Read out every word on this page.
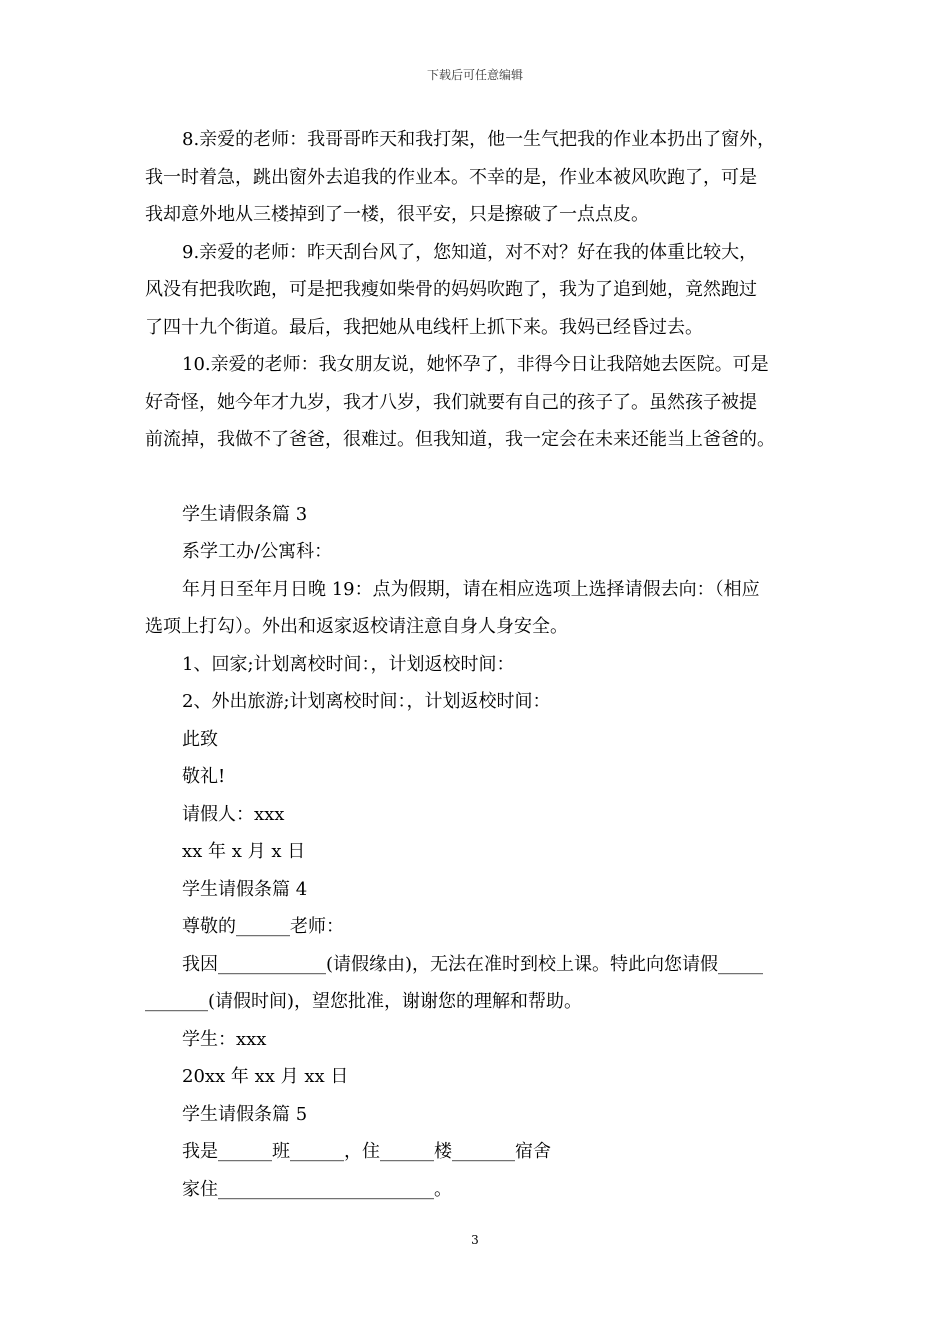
下载后可任意编辑

8.亲爱的老师：我哥哥昨天和我打架，他一生气把我的作业本扔出了窗外，

我一时着急，跳出窗外去追我的作业本。不幸的是，作业本被风吹跑了，可是

我却意外地从三楼掉到了一楼，很平安，只是擦破了一点点皮。

9.亲爱的老师：昨天刮台风了，您知道，对不对？好在我的体重比较大，

风没有把我吹跑，可是把我瘦如柴骨的妈妈吹跑了，我为了追到她，竟然跑过

了四十九个街道。最后，我把她从电线杆上抓下来。我妈已经昏过去。

10.亲爱的老师：我女朋友说，她怀孕了，非得今日让我陪她去医院。可是

好奇怪，她今年才九岁，我才八岁，我们就要有自己的孩子了。虽然孩子被提

前流掉，我做不了爸爸，很难过。但我知道，我一定会在未来还能当上爸爸的。

学生请假条篇 3

系学工办/公寓科：

年月日至年月日晚 19：点为假期，请在相应选项上选择请假去向：（相应

选项上打勾）。外出和返家返校请注意自身人身安全。

1、回家;计划离校时间：，计划返校时间：

2、外出旅游;计划离校时间：，计划返校时间：

此致

敬礼!

请假人：xxx

xx 年 x 月 x 日

学生请假条篇 4

尊敬的______老师：

我因____________(请假缘由)，无法在准时到校上课。特此向您请假_____

_______(请假时间)，望您批准，谢谢您的理解和帮助。

学生：xxx

20xx 年 xx 月 xx 日

学生请假条篇 5

我是______班______，住______楼_______宿舍

家住________________________。

3
